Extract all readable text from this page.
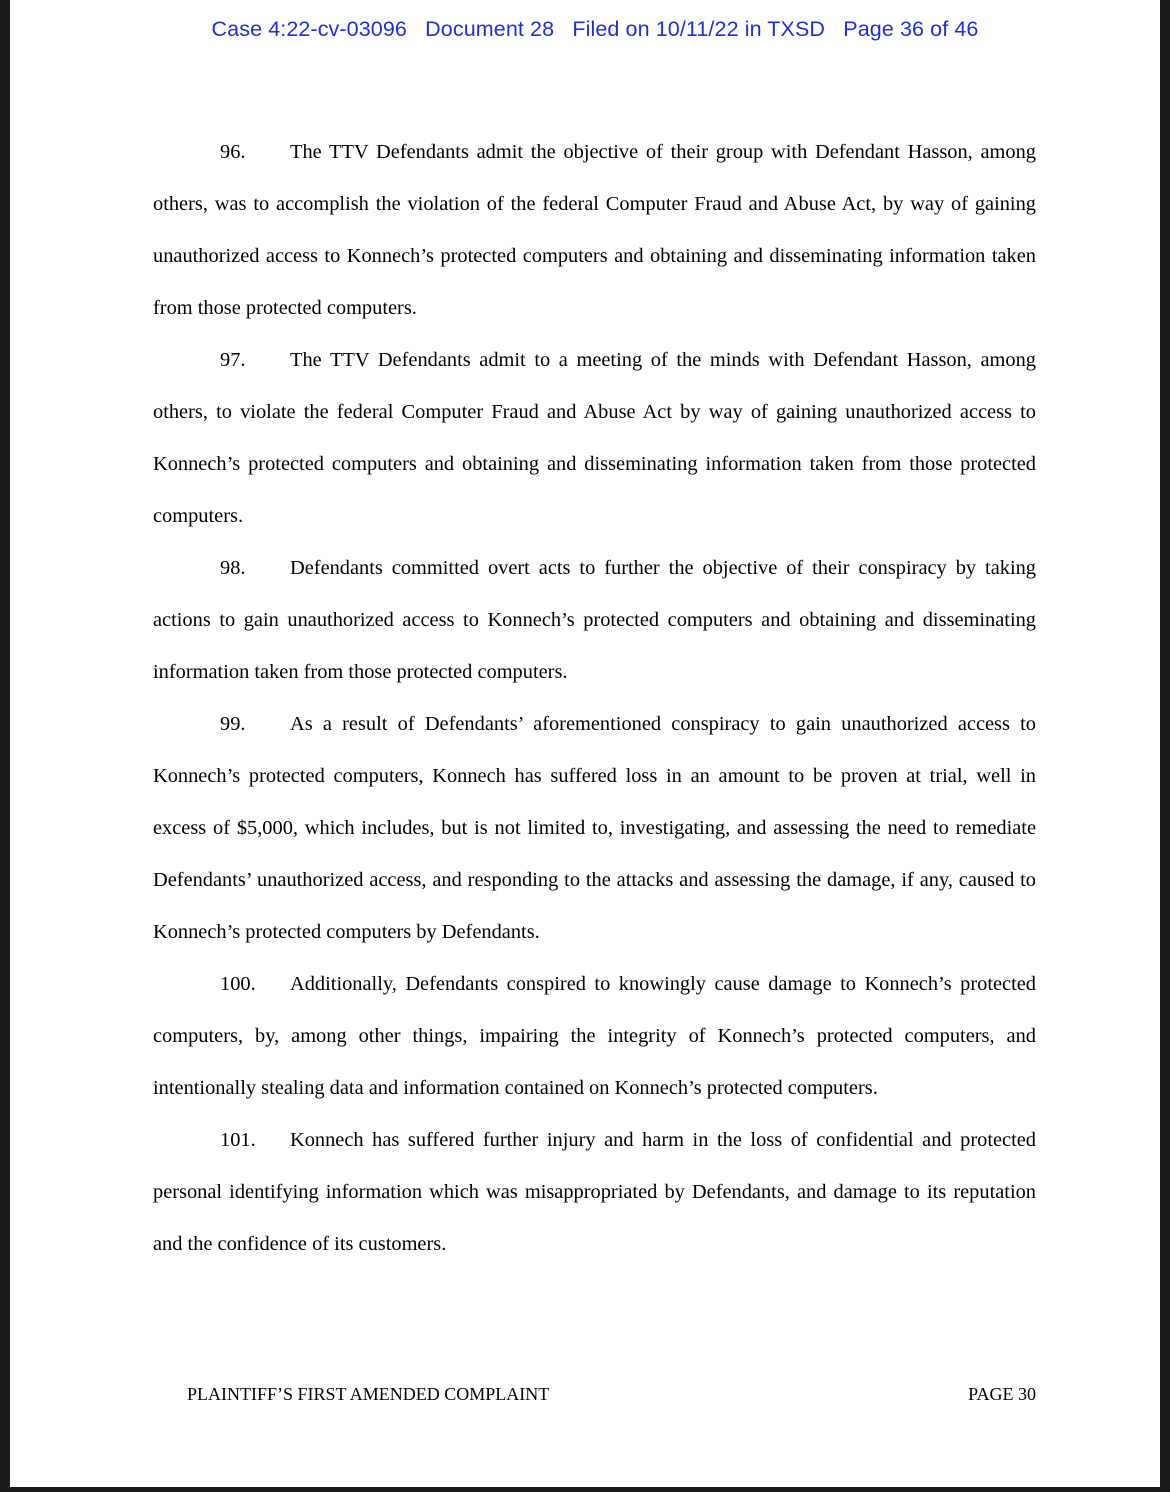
Case 4:22-cv-03096   Document 28   Filed on 10/11/22 in TXSD   Page 36 of 46

96. The TTV Defendants admit the objective of their group with Defendant Hasson, among others, was to accomplish the violation of the federal Computer Fraud and Abuse Act, by way of gaining unauthorized access to Konnech’s protected computers and obtaining and disseminating information taken from those protected computers.

97. The TTV Defendants admit to a meeting of the minds with Defendant Hasson, among others, to violate the federal Computer Fraud and Abuse Act by way of gaining unauthorized access to Konnech’s protected computers and obtaining and disseminating information taken from those protected computers.

98. Defendants committed overt acts to further the objective of their conspiracy by taking actions to gain unauthorized access to Konnech’s protected computers and obtaining and disseminating information taken from those protected computers.

99. As a result of Defendants’ aforementioned conspiracy to gain unauthorized access to Konnech’s protected computers, Konnech has suffered loss in an amount to be proven at trial, well in excess of $5,000, which includes, but is not limited to, investigating, and assessing the need to remediate Defendants’ unauthorized access, and responding to the attacks and assessing the damage, if any, caused to Konnech’s protected computers by Defendants.

100. Additionally, Defendants conspired to knowingly cause damage to Konnech’s protected computers, by, among other things, impairing the integrity of Konnech’s protected computers, and intentionally stealing data and information contained on Konnech’s protected computers.

101. Konnech has suffered further injury and harm in the loss of confidential and protected personal identifying information which was misappropriated by Defendants, and damage to its reputation and the confidence of its customers.

PLAINTIFF’S FIRST AMENDED COMPLAINT	PAGE 30
